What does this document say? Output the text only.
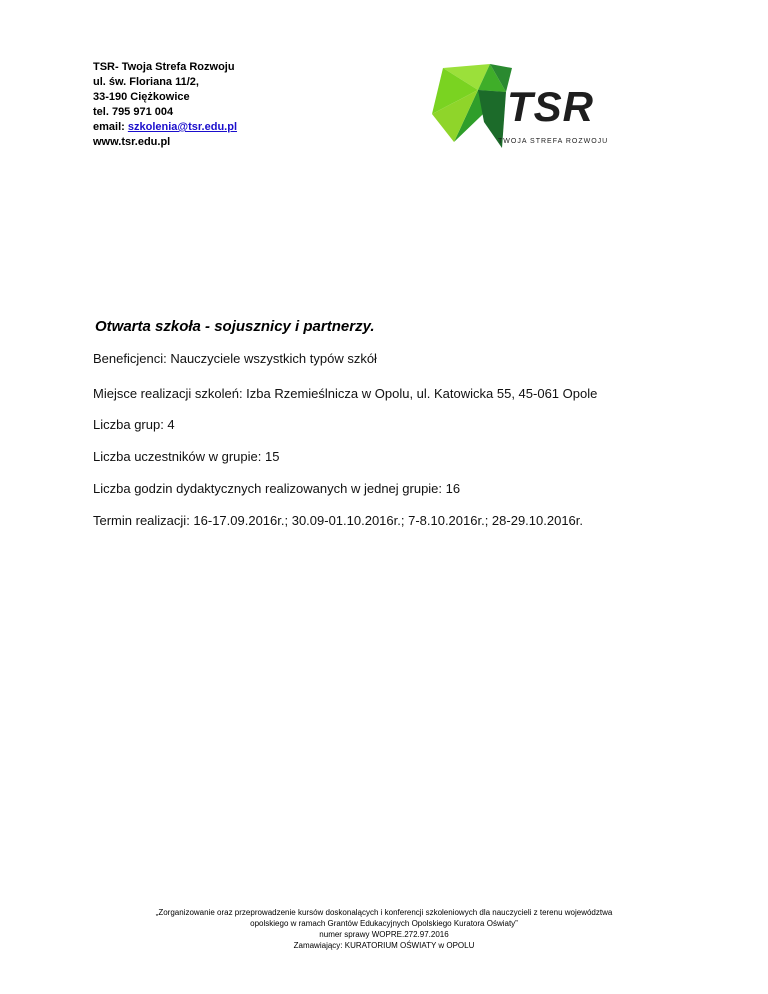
TSR- Twoja Strefa Rozwoju
ul. św. Floriana 11/2,
33-190 Ciężkowice
tel. 795 971 004
email: szkolenia@tsr.edu.pl
www.tsr.edu.pl
TSR
TWOJA STREFA ROZWOJU
Otwarta szkoła - sojusznicy i partnerzy.
Beneficjenci: Nauczyciele wszystkich typów szkół
Miejsce realizacji szkoleń: Izba Rzemieślnicza w Opolu, ul. Katowicka 55, 45-061 Opole
Liczba grup: 4
Liczba uczestników w grupie: 15
Liczba godzin dydaktycznych realizowanych w jednej grupie: 16
Termin realizacji: 16-17.09.2016r.; 30.09-01.10.2016r.; 7-8.10.2016r.; 28-29.10.2016r.
„Zorganizowanie oraz przeprowadzenie kursów doskonalących i konferencji szkoleniowych dla nauczycieli z terenu województwa
opolskiego w ramach Grantów Edukacyjnych Opolskiego Kuratora Oświaty”
numer sprawy WOPRE.272.97.2016
Zamawiający: KURATORIUM OŚWIATY w OPOLU
